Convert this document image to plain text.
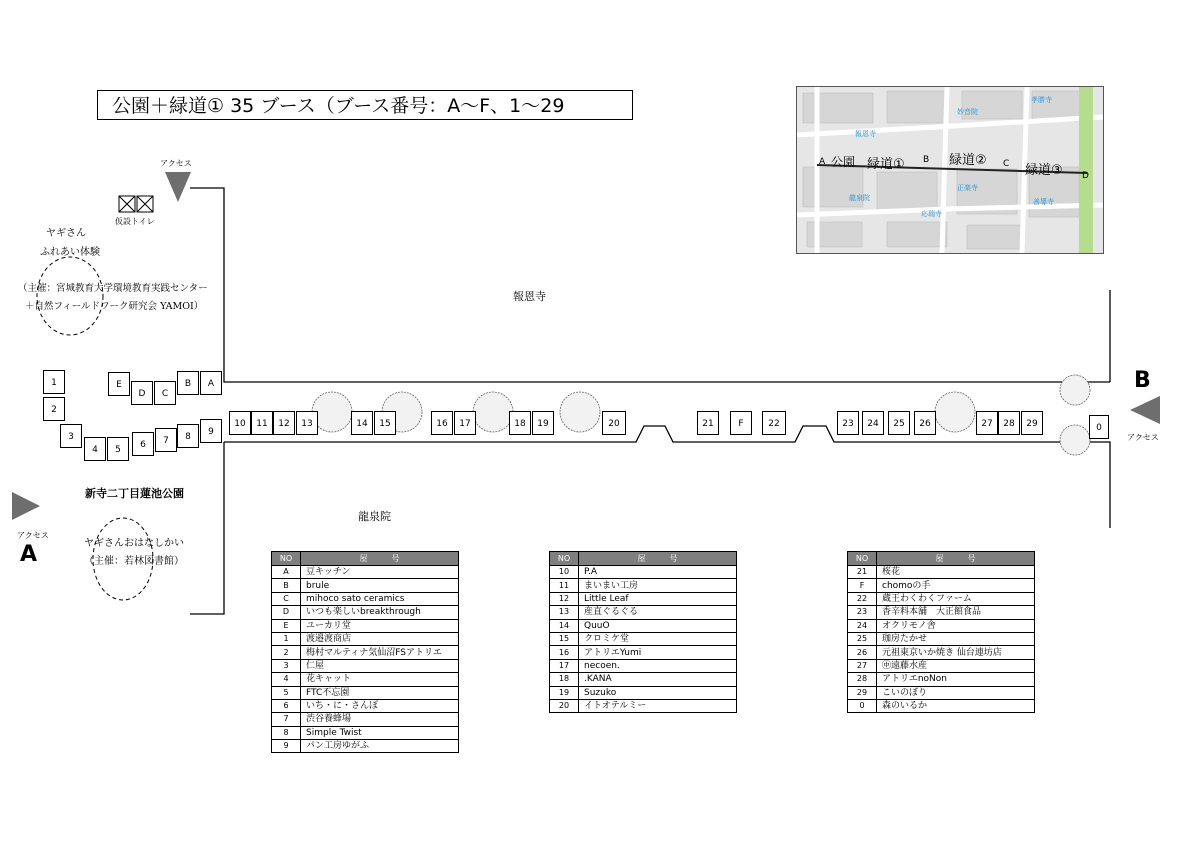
公園＋緑道① 35 ブース（ブース番号：A〜F、1〜29
アクセス
アクセス
アクセス
A
B
仮設トイレ
ヤギさん
ふれあい体験
（主催：宮城教育大学環境教育実践センター
＋自然フィールドワーク研究会 YAMOI）
ヤギさんおはなしかい
（主催：若林図書館）
新寺二丁目蓮池公園
報恩寺
龍泉院
A
B
C
D
E
1
2
3
4	5	6	7	8	9
10	11	12	13	14	15	16	17	18	19	20	21	F	22	23	24	25	26	27	28	29	0
A 公園 緑道① B 緑道② C 緑道③ D
孝勝寺
妙音院
報恩寺
正楽寺
龍泉院
応瑞寺
善導寺
NO	屋　　　号
A	豆キッチン
B	brule
C	mihoco sato ceramics
D	いつも楽しいbreakthrough
E	ユーカリ堂
1	渡邉渡商店
2	梅村マルティナ気仙沼FSアトリエ
3	仁屋
4	花キャット
5	FTC不忘園
6	いち・に・さんぽ
7	渋谷養蜂場
8	Simple Twist
9	パン工房ゆがふ
NO	屋　　　号
10	P.A
11	まいまい工房
12	Little Leaf
13	産直ぐるぐる
14	QuuO
15	クロミケ堂
16	アトリエYumi
17	necoen.
18	.KANA
19	Suzuko
20	イトオテルミー
NO	屋　　　号
21	桜花
F	chomoの手
22	蔵王わくわくファーム
23	香辛料本舗　大正館食品
24	オクリモノ舎
25	珈房たかせ
26	元祖東京いか焼き 仙台連坊店
27	㊥遠藤水産
28	アトリエnoNon
29	こいのぼり
0	森のいるか
